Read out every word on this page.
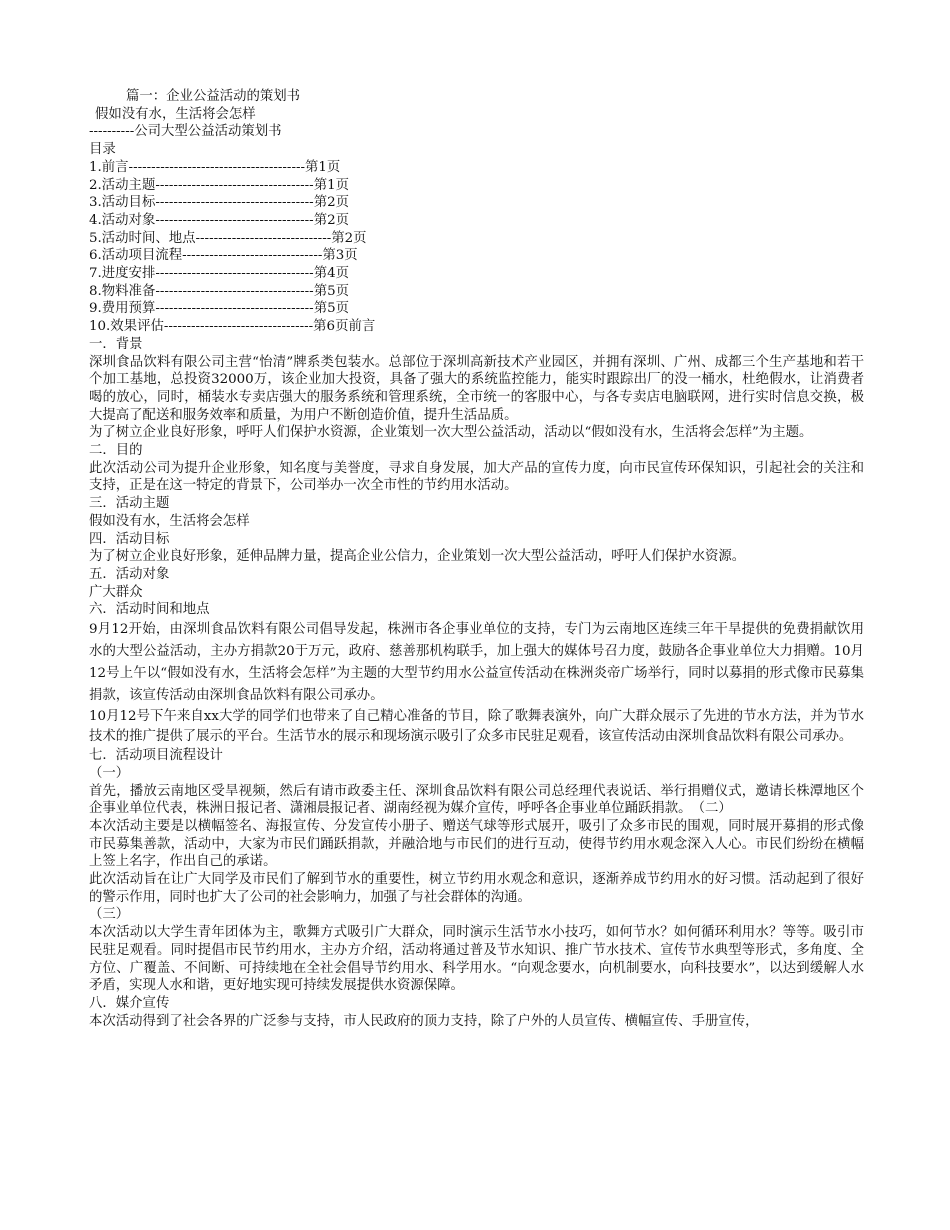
篇一：企业公益活动的策划书
假如没有水，生活将会怎样
----------公司大型公益活动策划书
目录
1.前言---------------------------------------第1页
2.活动主题-----------------------------------第1页
3.活动目标-----------------------------------第2页
4.活动对象-----------------------------------第2页
5.活动时间、地点------------------------------第2页
6.活动项目流程-------------------------------第3页
7.进度安排-----------------------------------第4页
8.物料准备-----------------------------------第5页
9.费用预算-----------------------------------第5页
10.效果评估---------------------------------第6页前言
一．背景
深圳食品饮料有限公司主营“怡清”牌系类包装水。总部位于深圳高新技术产业园区，并拥有深圳、广州、成都三个生产基地和若干个加工基地，总投资32000万，该企业加大投资，具备了强大的系统监控能力，能实时跟踪出厂的没一桶水，杜绝假水，让消费者喝的放心，同时，桶装水专卖店强大的服务系统和管理系统，全市统一的客服中心，与各专卖店电脑联网，进行实时信息交换，极大提高了配送和服务效率和质量，为用户不断创造价值，提升生活品质。
为了树立企业良好形象，呼吁人们保护水资源，企业策划一次大型公益活动，活动以“假如没有水，生活将会怎样”为主题。
二．目的
此次活动公司为提升企业形象，知名度与美誉度，寻求自身发展，加大产品的宣传力度，向市民宣传环保知识，引起社会的关注和支持，正是在这一特定的背景下，公司举办一次全市性的节约用水活动。
三．活动主题
假如没有水，生活将会怎样
四．活动目标
为了树立企业良好形象，延伸品牌力量，提高企业公信力，企业策划一次大型公益活动，呼吁人们保护水资源。
五．活动对象
广大群众
六．活动时间和地点
9月12开始，由深圳食品饮料有限公司倡导发起，株洲市各企事业单位的支持，专门为云南地区连续三年干旱提供的免费捐献饮用水的大型公益活动，主办方捐款20于万元，政府、慈善那机构联手，加上强大的媒体号召力度，鼓励各企事业单位大力捐赠。10月12号上午以“假如没有水，生活将会怎样”为主题的大型节约用水公益宣传活动在株洲炎帝广场举行，同时以募捐的形式像市民募集捐款，该宣传活动由深圳食品饮料有限公司承办。
10月12号下午来自xx大学的同学们也带来了自己精心准备的节目，除了歌舞表演外，向广大群众展示了先进的节水方法，并为节水技术的推广提供了展示的平台。生活节水的展示和现场演示吸引了众多市民驻足观看，该宣传活动由深圳食品饮料有限公司承办。
七．活动项目流程设计
（一）
首先，播放云南地区受旱视频，然后有请市政委主任、深圳食品饮料有限公司总经理代表说话、举行捐赠仪式，邀请长株潭地区个企事业单位代表，株洲日报记者、潇湘晨报记者、湖南经视为媒介宣传，呼呼各企事业单位踊跃捐款。　（二）
本次活动主要是以横幅签名、海报宣传、分发宣传小册子、赠送气球等形式展开，吸引了众多市民的围观，同时展开募捐的形式像市民募集善款，活动中，大家为市民们踊跃捐款，并融洽地与市民们的进行互动，使得节约用水观念深入人心。市民们纷纷在横幅上签上名字，作出自己的承诺。
此次活动旨在让广大同学及市民们了解到节水的重要性，树立节约用水观念和意识，逐渐养成节约用水的好习惯。活动起到了很好的警示作用，同时也扩大了公司的社会影响力，加强了与社会群体的沟通。
（三）
本次活动以大学生青年团体为主，歌舞方式吸引广大群众，同时演示生活节水小技巧，如何节水？如何循环利用水？等等。吸引市民驻足观看。同时提倡市民节约用水，主办方介绍，活动将通过普及节水知识、推广节水技术、宣传节水典型等形式，多角度、全方位、广覆盖、不间断、可持续地在全社会倡导节约用水、科学用水。“向观念要水，向机制要水，向科技要水”，以达到缓解人水矛盾，实现人水和谐，更好地实现可持续发展提供水资源保障。
八．媒介宣传
本次活动得到了社会各界的广泛参与支持，市人民政府的顶力支持，除了户外的人员宣传、横幅宣传、手册宣传，
